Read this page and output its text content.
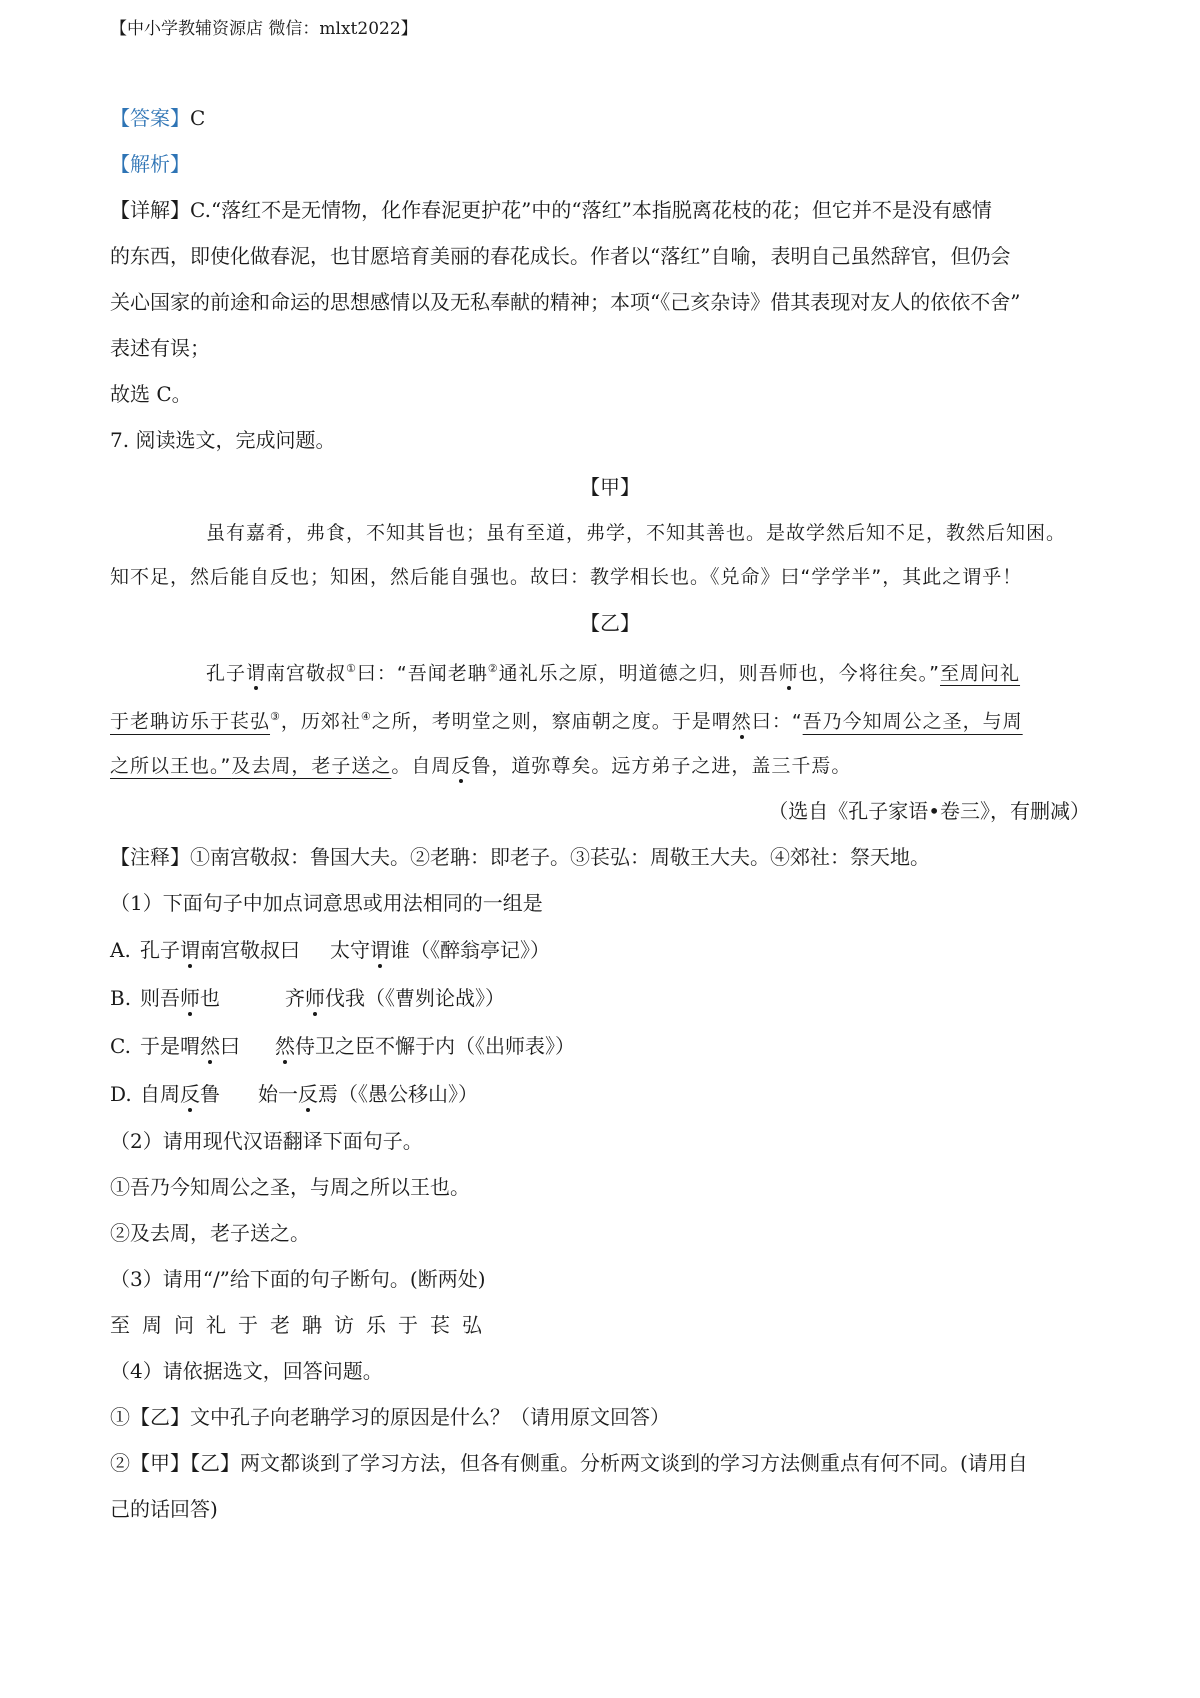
【中小学教辅资源店 微信：mlxt2022】

【答案】C

【解析】

【详解】C.“落红不是无情物，化作春泥更护花”中的“落红”本指脱离花枝的花；但它并不是没有感情
的东西，即使化做春泥，也甘愿培育美丽的春花成长。作者以“落红”自喻，表明自己虽然辞官，但仍会
关心国家的前途和命运的思想感情以及无私奉献的精神；本项“《己亥杂诗》借其表现对友人的依依不舍”
表述有误；

故选 C。

7. 阅读选文，完成问题。

【甲】
虽有嘉肴，弗食，不知其旨也；虽有至道，弗学，不知其善也。是故学然后知不足，教然后知困。
知不足，然后能自反也；知困，然后能自强也。故曰：教学相长也。《兑命》曰“学学半”，其此之谓乎！
【乙】
孔子谓南宫敬叔①曰：“吾闻老聃②通礼乐之原，明道德之归，则吾师也，今将往矣。”至周问礼
于老聃访乐于苌弘③，历郊社④之所，考明堂之则，察庙朝之度。于是喟然曰：“吾乃今知周公之圣，与周
之所以王也。”及去周，老子送之。自周反鲁，道弥尊矣。远方弟子之进，盖三千焉。
（选自《孔子家语•卷三》，有删减）

【注释】①南宫敬叔：鲁国大夫。②老聃：即老子。③苌弘：周敬王大夫。④郊社：祭天地。

（1）下面句子中加点词意思或用法相同的一组是

A. 孔子谓南宫敬叔曰	太守谓谁（《醉翁亭记》）
B. 则吾师也	齐师伐我（《曹刿论战》）
C. 于是喟然曰	然侍卫之臣不懈于内（《出师表》）
D. 自周反鲁	始一反焉（《愚公移山》）

（2）请用现代汉语翻译下面句子。

①吾乃今知周公之圣，与周之所以王也。

②及去周，老子送之。

（3）请用“/”给下面的句子断句。(断两处)

至周问礼于老聃访乐于苌弘

（4）请依据选文，回答问题。

①【乙】文中孔子向老聃学习的原因是什么？（请用原文回答）

②【甲】【乙】两文都谈到了学习方法，但各有侧重。分析两文谈到的学习方法侧重点有何不同。(请用自

己的话回答)
